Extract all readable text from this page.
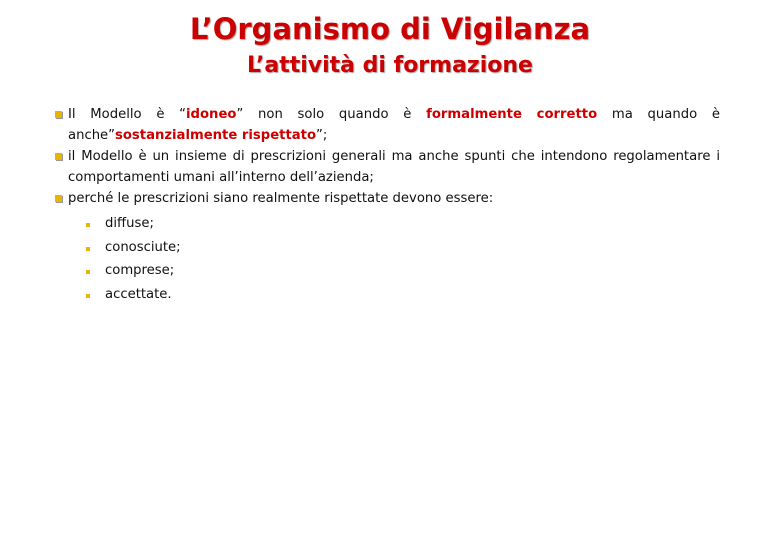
L’Organismo di Vigilanza
L’attività di formazione
Il Modello è “idoneo” non solo quando è formalmente corretto ma quando è anche”sostanzialmente rispettato”;
il Modello è un insieme di prescrizioni generali ma anche spunti che intendono regolamentare i comportamenti umani all’interno dell’azienda;
perché le prescrizioni siano realmente rispettate devono essere:
diffuse;
conosciute;
comprese;
accettate.
